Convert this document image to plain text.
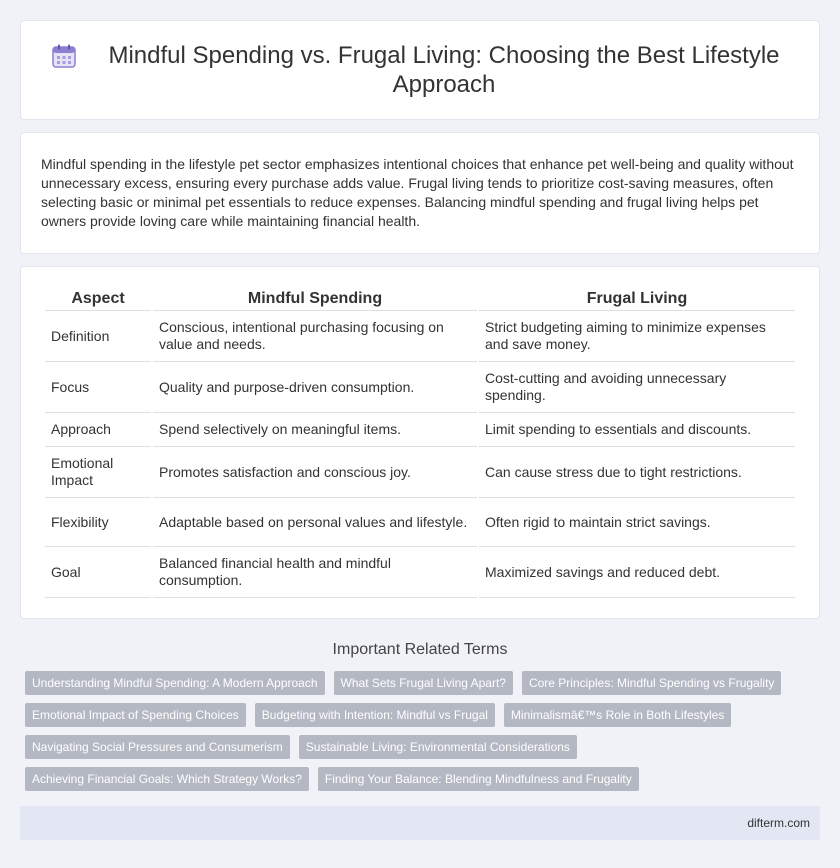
Mindful Spending vs. Frugal Living: Choosing the Best Lifestyle Approach
Mindful spending in the lifestyle pet sector emphasizes intentional choices that enhance pet well-being and quality without unnecessary excess, ensuring every purchase adds value. Frugal living tends to prioritize cost-saving measures, often selecting basic or minimal pet essentials to reduce expenses. Balancing mindful spending and frugal living helps pet owners provide loving care while maintaining financial health.
Aspect	Mindful Spending	Frugal Living
Definition	Conscious, intentional purchasing focusing on value and needs.	Strict budgeting aiming to minimize expenses and save money.
Focus	Quality and purpose-driven consumption.	Cost-cutting and avoiding unnecessary spending.
Approach	Spend selectively on meaningful items.	Limit spending to essentials and discounts.
Emotional Impact	Promotes satisfaction and conscious joy.	Can cause stress due to tight restrictions.
Flexibility	Adaptable based on personal values and lifestyle.	Often rigid to maintain strict savings.
Goal	Balanced financial health and mindful consumption.	Maximized savings and reduced debt.
Important Related Terms
Understanding Mindful Spending: A Modern Approach	What Sets Frugal Living Apart?	Core Principles: Mindful Spending vs Frugality
Emotional Impact of Spending Choices	Budgeting with Intention: Mindful vs Frugal	Minimalismâ€™s Role in Both Lifestyles
Navigating Social Pressures and Consumerism	Sustainable Living: Environmental Considerations
Achieving Financial Goals: Which Strategy Works?	Finding Your Balance: Blending Mindfulness and Frugality
difterm.com
